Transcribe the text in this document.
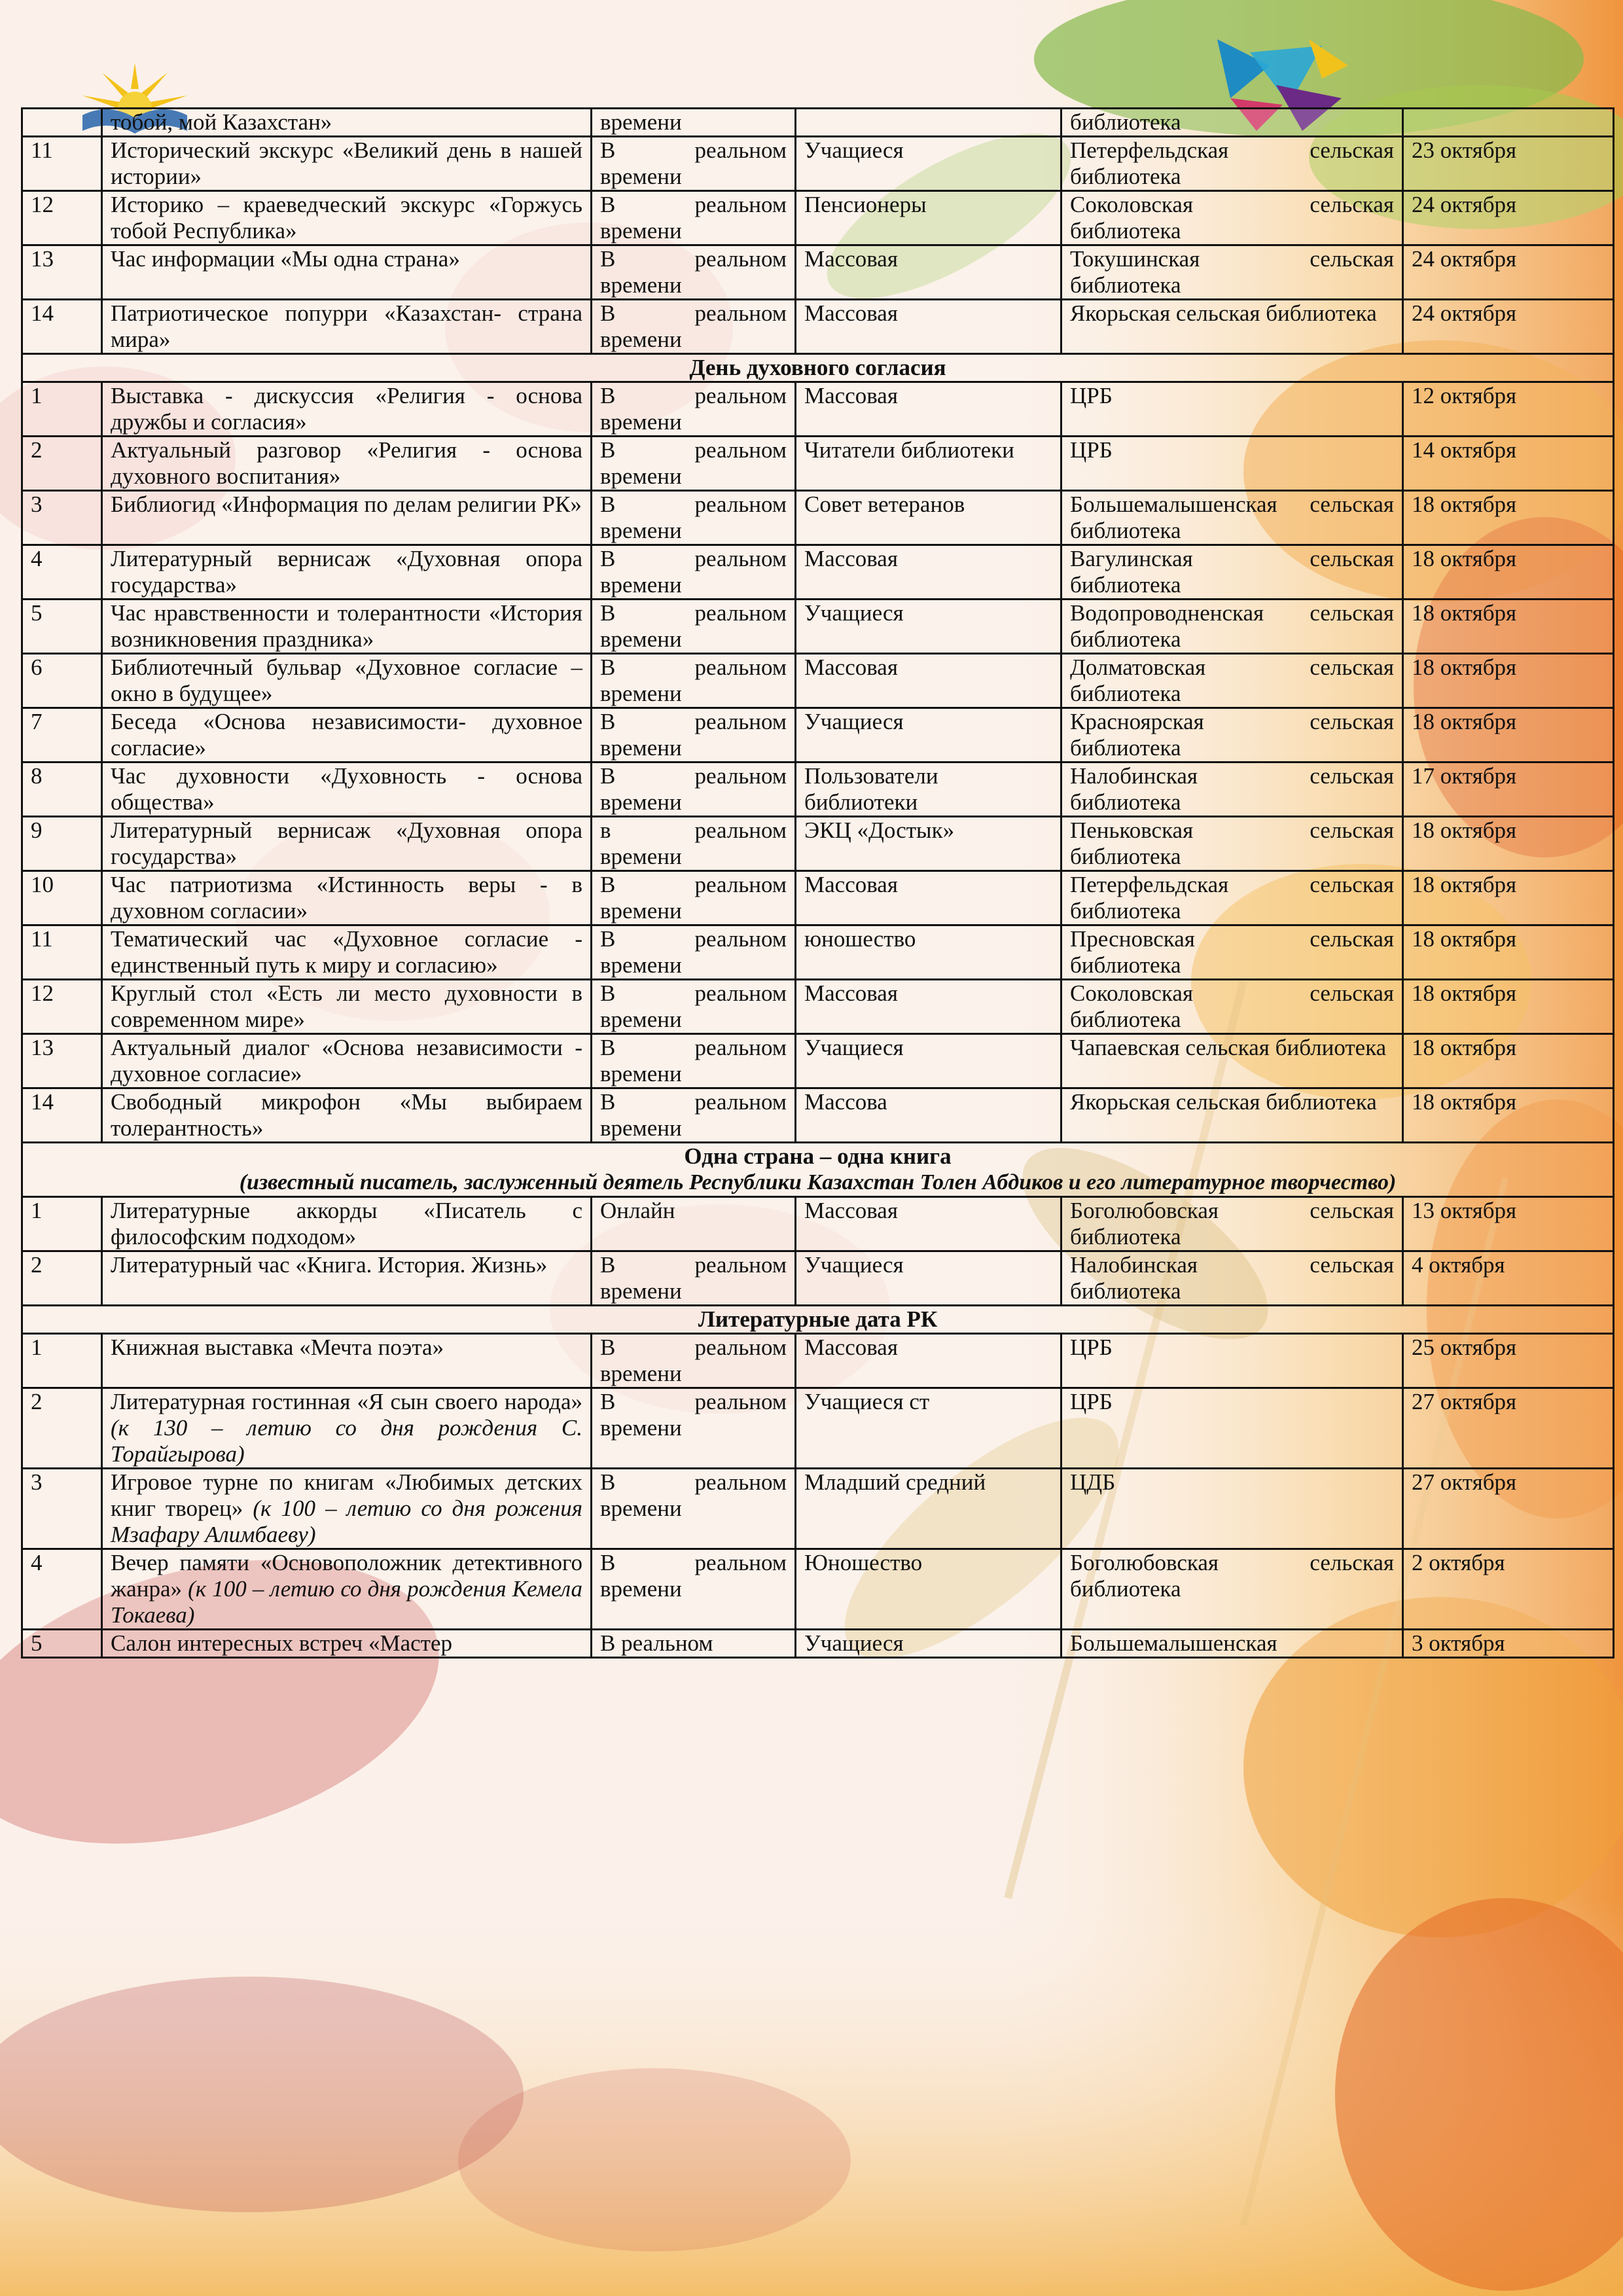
	тобой, мой Казахстан»	времени		библиотека	
11	Исторический экскурс «Великий день в нашей истории»	В реальном времени	Учащиеся	Петерфельдская сельская библиотека	23 октября
12	Историко – краеведческий экскурс «Горжусь тобой Республика»	В реальном времени	Пенсионеры	Соколовская сельская библиотека	24 октября
13	Час информации «Мы одна страна»	В реальном времени	Массовая	Токушинская сельская библиотека	24 октября
14	Патриотическое попурри «Казахстан- страна мира»	В реальном времени	Массовая	Якорьская сельская библиотека	24 октября
День духовного согласия					
1	Выставка - дискуссия «Религия - основа дружбы и согласия»	В реальном времени	Массовая	ЦРБ	12 октября
2	Актуальный разговор «Религия - основа духовного воспитания»	В реальном времени	Читатели библиотеки	ЦРБ	14 октября
3	Библиогид «Информация по делам религии РК»	В реальном времени	Совет ветеранов	Большемалышенская сельская библиотека	18 октября
4	Литературный вернисаж «Духовная опора государства»	В реальном времени	Массовая	Вагулинская сельская библиотека	18 октября
5	Час нравственности и толерантности «История возникновения праздника»	В реальном времени	Учащиеся	Водопроводненская сельская библиотека	18 октября
6	Библиотечный бульвар «Духовное согласие – окно в будущее»	В реальном времени	Массовая	Долматовская сельская библиотека	18 октября
7	Беседа «Основа независимости- духовное согласие»	В реальном времени	Учащиеся	Красноярская сельская библиотека	18 октября
8	Час духовности «Духовность - основа общества»	В реальном времени	Пользователи библиотеки	Налобинская сельская библиотека	17 октября
9	Литературный вернисаж «Духовная опора государства»	в реальном времени	ЭКЦ «Достык»	Пеньковская сельская библиотека	18 октября
10	Час патриотизма «Истинность веры - в духовном согласии»	В реальном времени	Массовая	Петерфельдская сельская библиотека	18 октября
11	Тематический час «Духовное согласие - единственный путь к миру и согласию»	В реальном времени	юношество	Пресновская сельская библиотека	18 октября
12	Круглый стол «Есть ли место духовности в современном мире»	В реальном времени	Массовая	Соколовская сельская библиотека	18 октября
13	Актуальный диалог «Основа независимости - духовное согласие»	В реальном времени	Учащиеся	Чапаевская сельская библиотека	18 октября
14	Свободный микрофон «Мы выбираем толерантность»	В реальном времени	Массова	Якорьская сельская библиотека	18 октября
Одна страна – одна книга
(известный писатель, заслуженный деятель Республики Казахстан Толен Абдиков и его литературное творчество)					

1	Литературные аккорды «Писатель с философским подходом»	Онлайн	Массовая	Боголюбовская сельская библиотека	13 октября
2	Литературный час «Книга. История. Жизнь»	В реальном времени	Учащиеся	Налобинская сельская библиотека	4 октября
Литературные дата РК					
1	Книжная выставка «Мечта поэта»	В реальном времени	Массовая	ЦРБ	25 октября
2	Литературная гостинная «Я сын своего народа» (к 130 – летию со дня рождения С. Торайгырова)	В реальном времени	Учащиеся ст	ЦРБ	27 октября
3	Игровое турне по книгам «Любимых детских книг творец» (к 100 – летию со дня рожения Мзафару Алимбаеву)	В реальном времени	Младший средний	ЦДБ	27 октября
4	Вечер памяти «Основоположник детективного жанра» (к 100 – летию со дня рождения Кемела Токаева)	В реальном времени	Юношество	Боголюбовская сельская библиотека	2 октября
5	Салон интересных встреч «Мастер	В реальном	Учащиеся	Большемалышенская	3 октября
